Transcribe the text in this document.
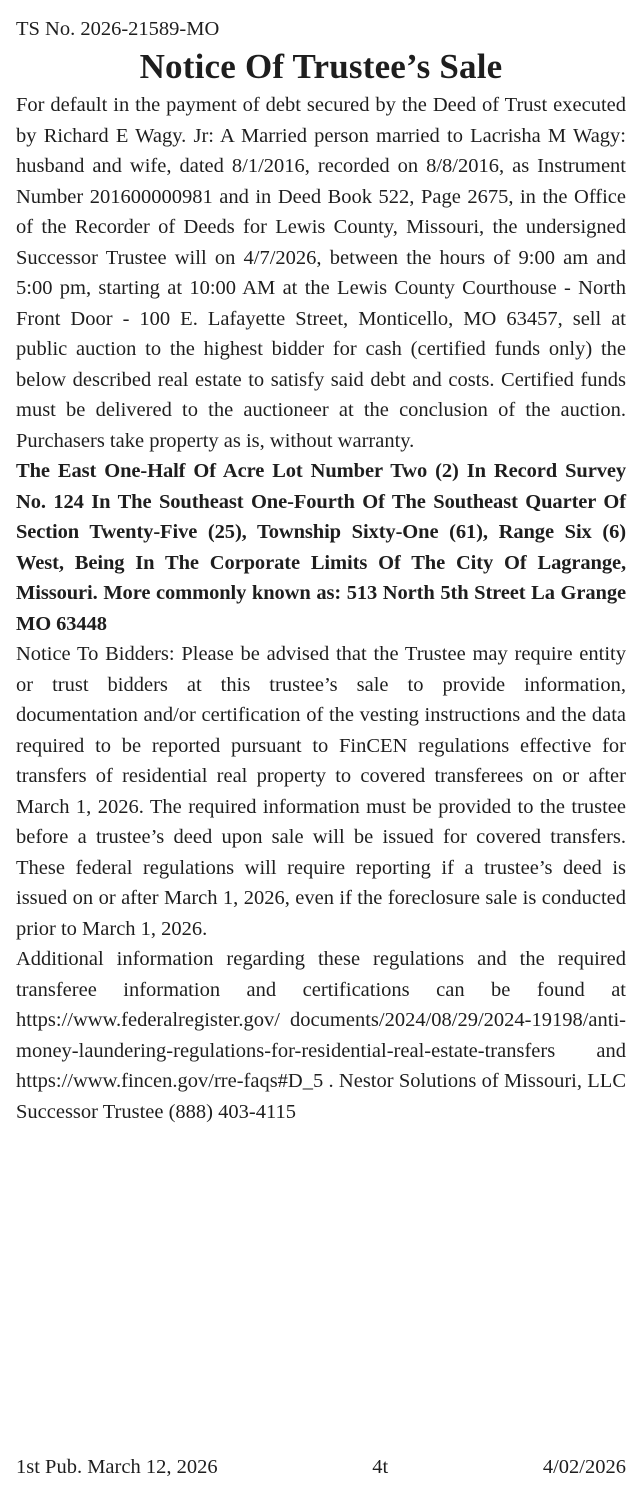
TS No. 2026-21589-MO

Notice Of Trustee’s Sale

For default in the payment of debt secured by the Deed of Trust executed by Richard E Wagy. Jr: A Married person married to Lacrisha M Wagy: husband and wife, dated 8/1/2016, recorded on 8/8/2016, as Instrument Number 201600000981 and in Deed Book 522, Page 2675, in the Office of the Recorder of Deeds for Lewis County, Missouri, the undersigned Successor Trustee will on 4/7/2026, between the hours of 9:00 am and 5:00 pm, starting at 10:00 AM at the Lewis County Courthouse - North Front Door - 100 E. Lafayette Street, Monticello, MO 63457, sell at public auction to the highest bidder for cash (certified funds only) the below described real estate to satisfy said debt and costs. Certified funds must be delivered to the auctioneer at the conclusion of the auction. Purchasers take property as is, without warranty.

The East One-Half Of Acre Lot Number Two (2) In Record Survey No. 124 In The Southeast One-Fourth Of The Southeast Quarter Of Section Twenty-Five (25), Township Sixty-One (61), Range Six (6) West, Being In The Corporate Limits Of The City Of Lagrange, Missouri. More commonly known as: 513 North 5th Street La Grange MO 63448

Notice To Bidders: Please be advised that the Trustee may require entity or trust bidders at this trustee’s sale to provide information, documentation and/or certification of the vesting instructions and the data required to be reported pursuant to FinCEN regulations effective for transfers of residential real property to covered transferees on or after March 1, 2026. The required information must be provided to the trustee before a trustee’s deed upon sale will be issued for covered transfers. These federal regulations will require reporting if a trustee’s deed is issued on or after March 1, 2026, even if the foreclosure sale is conducted prior to March 1, 2026.

Additional information regarding these regulations and the required transferee information and certifications can be found at https://www.federalregister.gov/ documents/2024/08/29/2024-19198/anti-money-laundering-regulations-for-residential-real-estate-transfers and https://www.fincen.gov/rre-faqs#D_5 . Nestor Solutions of Missouri, LLC Successor Trustee (888) 403-4115

1st Pub. March 12, 2026	4t	4/02/2026
